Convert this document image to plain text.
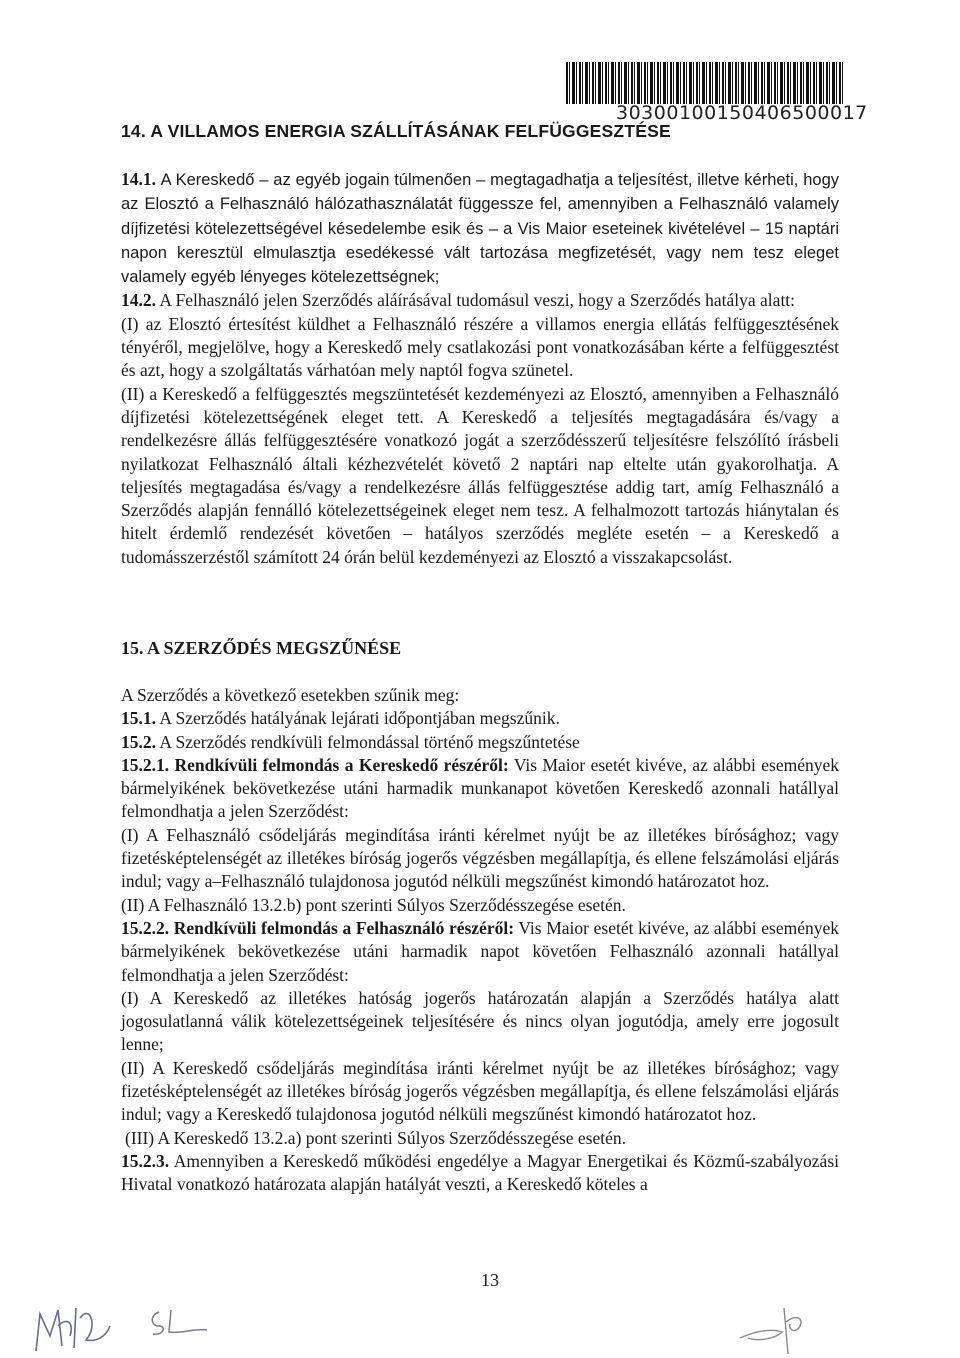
30300100150406500017
14. A VILLAMOS ENERGIA SZÁLLÍTÁSÁNAK FELFÜGGESZTÉSE

14.1. A Kereskedő – az egyéb jogain túlmenően – megtagadhatja a teljesítést, illetve kérheti, hogy az Elosztó a Felhasználó hálózathasználatát függessze fel, amennyiben a Felhasználó valamely díjfizetési kötelezettségével késedelembe esik és – a Vis Maior eseteinek kivételével – 15 naptári napon keresztül elmulasztja esedékessé vált tartozása megfizetését, vagy nem tesz eleget valamely egyéb lényeges kötelezettségnek;

14.2. A Felhasználó jelen Szerződés aláírásával tudomásul veszi, hogy a Szerződés hatálya alatt:

(I) az Elosztó értesítést küldhet a Felhasználó részére a villamos energia ellátás felfüggesztésének tényéről, megjelölve, hogy a Kereskedő mely csatlakozási pont vonatkozásában kérte a felfüggesztést és azt, hogy a szolgáltatás várhatóan mely naptól fogva szünetel.

(II) a Kereskedő a felfüggesztés megszüntetését kezdeményezi az Elosztó, amennyiben a Felhasználó díjfizetési kötelezettségének eleget tett. A Kereskedő a teljesítés megtagadására és/vagy a rendelkezésre állás felfüggesztésére vonatkozó jogát a szerződésszerű teljesítésre felszólító írásbeli nyilatkozat Felhasználó általi kézhezvételét követő 2 naptári nap eltelte után gyakorolhatja. A teljesítés megtagadása és/vagy a rendelkezésre állás felfüggesztése addig tart, amíg Felhasználó a Szerződés alapján fennálló kötelezettségeinek eleget nem tesz. A felhalmozott tartozás hiánytalan és hitelt érdemlő rendezését követően – hatályos szerződés megléte esetén – a Kereskedő a tudomásszerzéstől számított 24 órán belül kezdeményezi az Elosztó a visszakapcsolást.

15. A SZERZŐDÉS MEGSZŰNÉSE

A Szerződés a következő esetekben szűnik meg:

15.1. A Szerződés hatályának lejárati időpontjában megszűnik.

15.2. A Szerződés rendkívüli felmondással történő megszűntetése

15.2.1. Rendkívüli felmondás a Kereskedő részéről: Vis Maior esetét kivéve, az alábbi események bármelyikének bekövetkezése utáni harmadik munkanapot követően Kereskedő azonnali hatállyal felmondhatja a jelen Szerződést:

(I) A Felhasználó csődeljárás megindítása iránti kérelmet nyújt be az illetékes bírósághoz; vagy fizetésképtelenségét az illetékes bíróság jogerős végzésben megállapítja, és ellene felszámolási eljárás indul; vagy a–Felhasználó tulajdonosa jogutód nélküli megszűnést kimondó határozatot hoz.

(II) A Felhasználó 13.2.b) pont szerinti Súlyos Szerződésszegése esetén.

15.2.2. Rendkívüli felmondás a Felhasználó részéről: Vis Maior esetét kivéve, az alábbi események bármelyikének bekövetkezése utáni harmadik napot követően Felhasználó azonnali hatállyal felmondhatja a jelen Szerződést:

(I) A Kereskedő az illetékes hatóság jogerős határozatán alapján a Szerződés hatálya alatt jogosulatlanná válik kötelezettségeinek teljesítésére és nincs olyan jogutódja, amely erre jogosult lenne;

(II) A Kereskedő csődeljárás megindítása iránti kérelmet nyújt be az illetékes bírósághoz; vagy fizetésképtelenségét az illetékes bíróság jogerős végzésben megállapítja, és ellene felszámolási eljárás indul; vagy a Kereskedő tulajdonosa jogutód nélküli megszűnést kimondó határozatot hoz.

(III) A Kereskedő 13.2.a) pont szerinti Súlyos Szerződésszegése esetén.

15.2.3. Amennyiben a Kereskedő működési engedélye a Magyar Energetikai és Közmű-szabályozási Hivatal vonatkozó határozata alapján hatályát veszti, a Kereskedő köteles a

13
